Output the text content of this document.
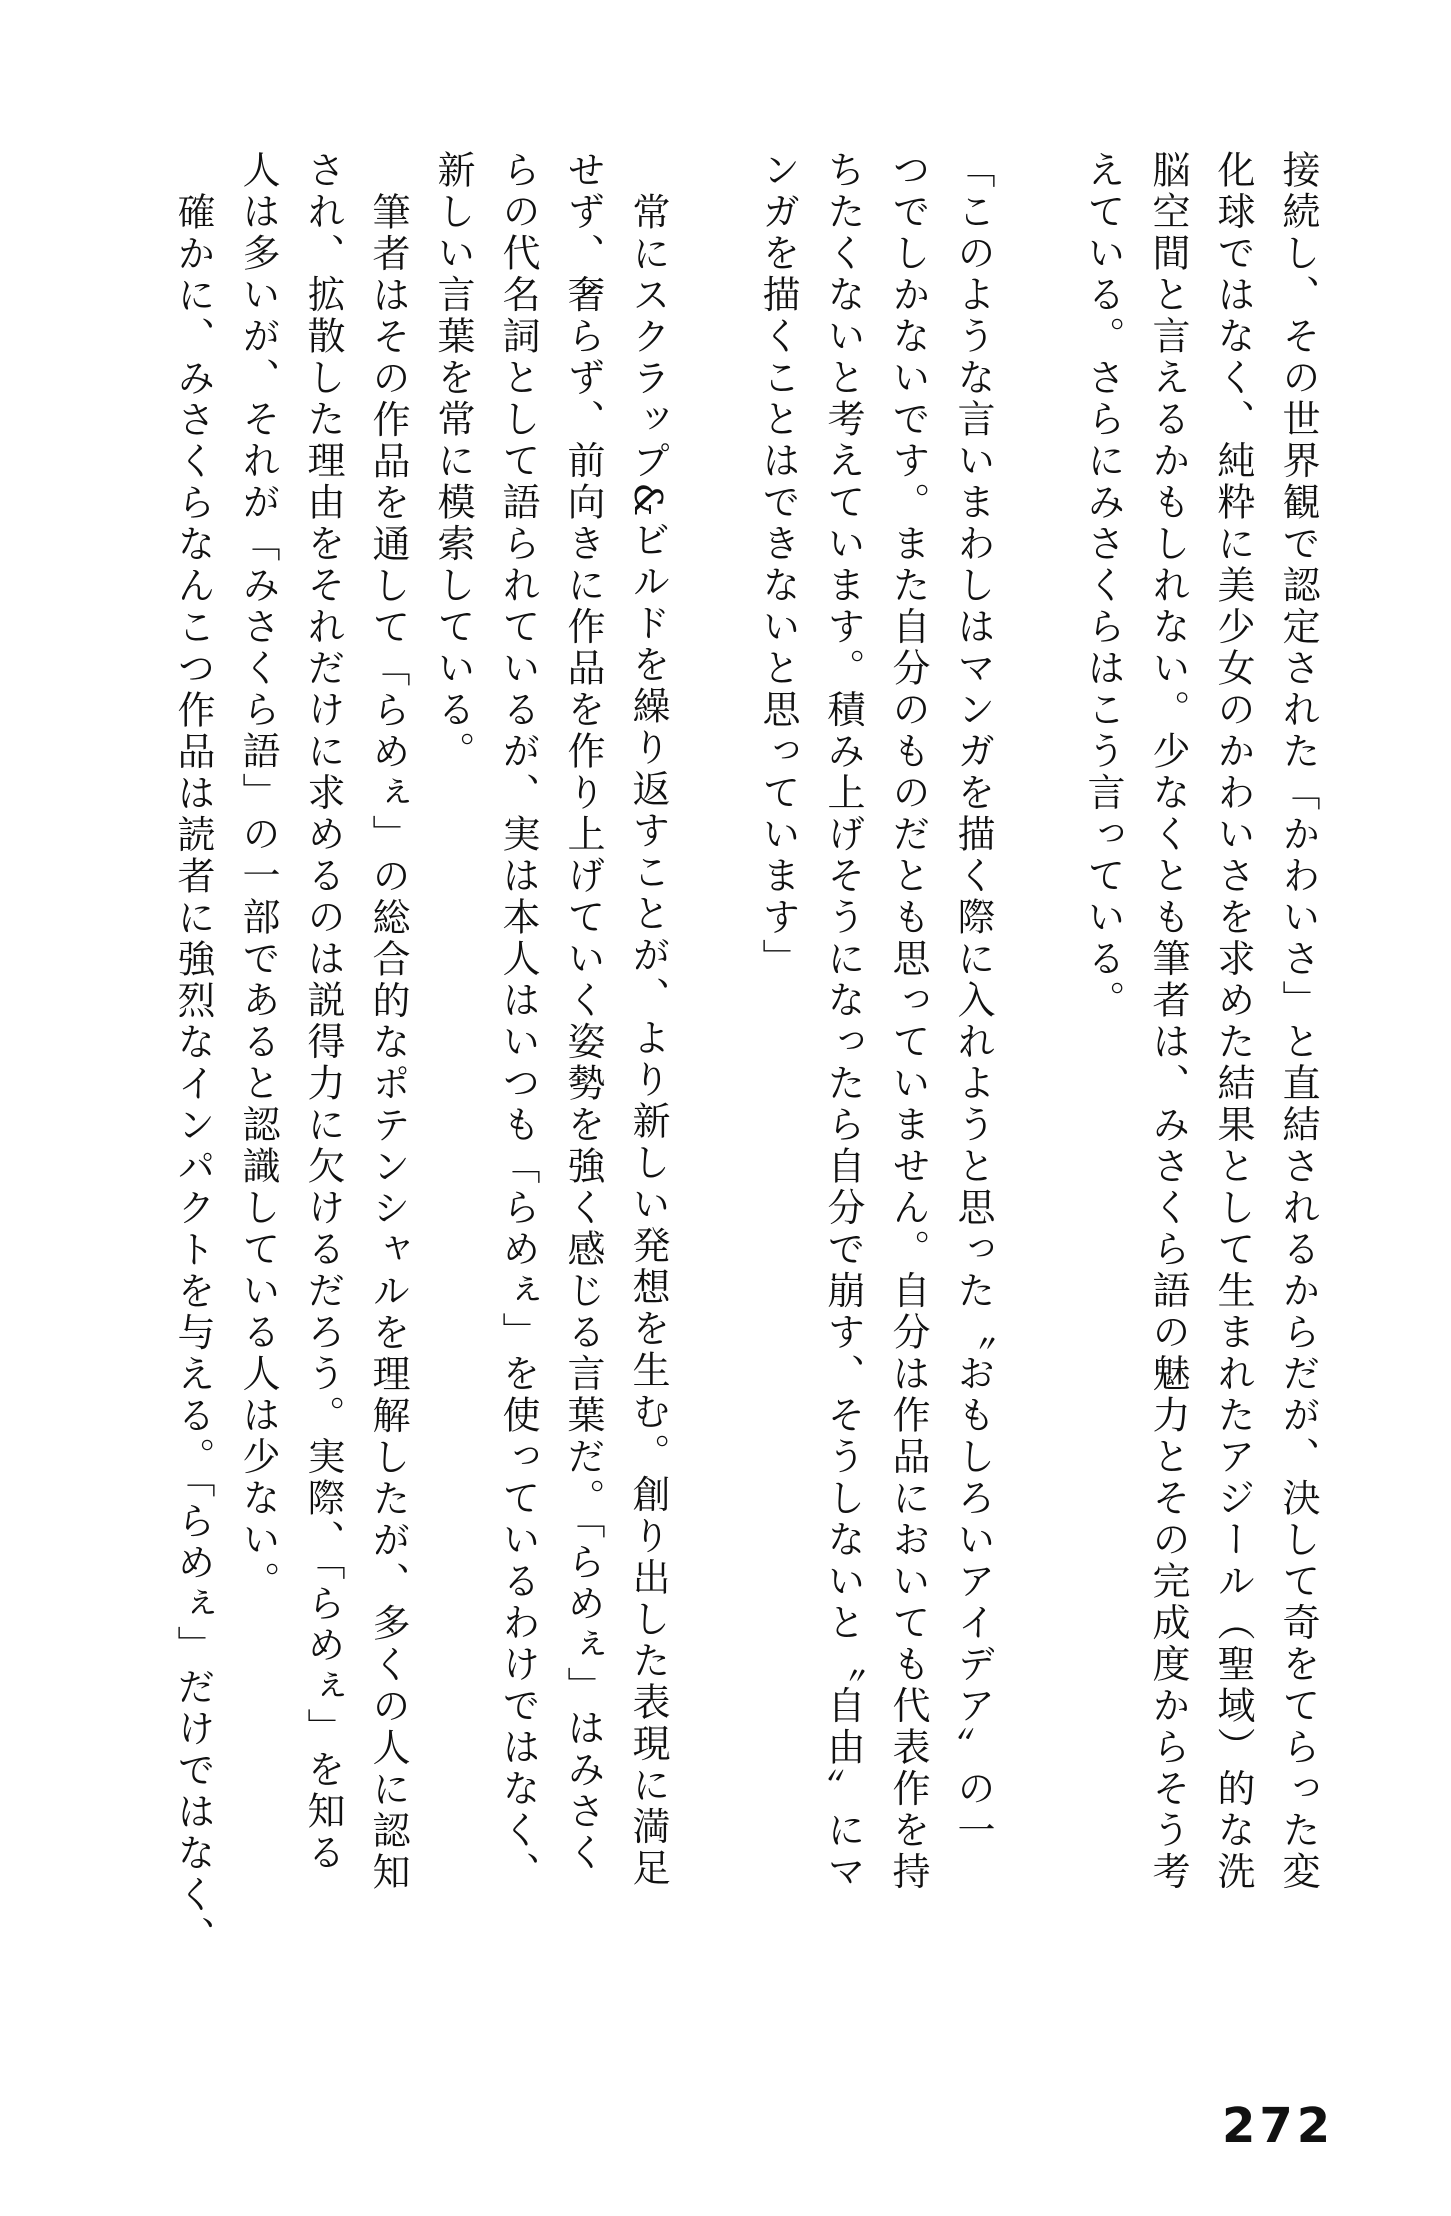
接続し、その世界観で認定された「かわいさ」と直結されるからだが、決して奇をてらった変
化球ではなく、純粋に美少女のかわいさを求めた結果として生まれたアジール（聖域）的な洗
脳空間と言えるかもしれない。少なくとも筆者は、みさくら語の魅力とその完成度からそう考
えている。さらにみさくらはこう言っている。

「このような言いまわしはマンガを描く際に入れようと思った〝おもしろいアイデア〟の一
つでしかないです。また自分のものだとも思っていません。自分は作品においても代表作を持
ちたくないと考えています。積み上げそうになったら自分で崩す、そうしないと〝自由〟にマ
ンガを描くことはできないと思っています」

常にスクラップ&ビルドを繰り返すことが、より新しい発想を生む。創り出した表現に満足
せず、奢らず、前向きに作品を作り上げていく姿勢を強く感じる言葉だ。「らめぇ」はみさく
らの代名詞として語られているが、実は本人はいつも「らめぇ」を使っているわけではなく、
新しい言葉を常に模索している。
筆者はその作品を通して「らめぇ」の総合的なポテンシャルを理解したが、多くの人に認知
され、拡散した理由をそれだけに求めるのは説得力に欠けるだろう。実際、「らめぇ」を知る
人は多いが、それが「みさくら語」の一部であると認識している人は少ない。
確かに、みさくらなんこつ作品は読者に強烈なインパクトを与える。「らめぇ」だけではなく、
272
